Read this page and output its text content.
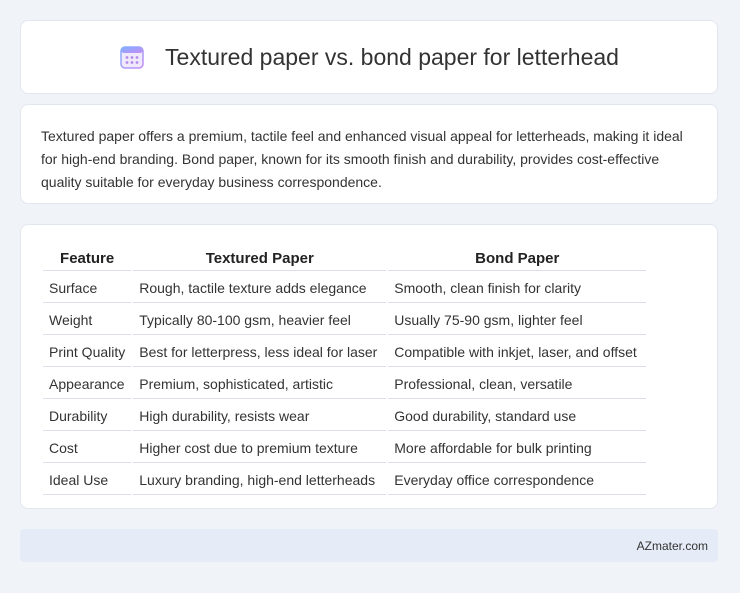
Textured paper vs. bond paper for letterhead

Textured paper offers a premium, tactile feel and enhanced visual appeal for letterheads, making it ideal for high-end branding. Bond paper, known for its smooth finish and durability, provides cost-effective quality suitable for everyday business correspondence.

Feature	Textured Paper	Bond Paper
Surface	Rough, tactile texture adds elegance	Smooth, clean finish for clarity
Weight	Typically 80-100 gsm, heavier feel	Usually 75-90 gsm, lighter feel
Print Quality	Best for letterpress, less ideal for laser	Compatible with inkjet, laser, and offset
Appearance	Premium, sophisticated, artistic	Professional, clean, versatile
Durability	High durability, resists wear	Good durability, standard use
Cost	Higher cost due to premium texture	More affordable for bulk printing
Ideal Use	Luxury branding, high-end letterheads	Everyday office correspondence
AZmater.com
